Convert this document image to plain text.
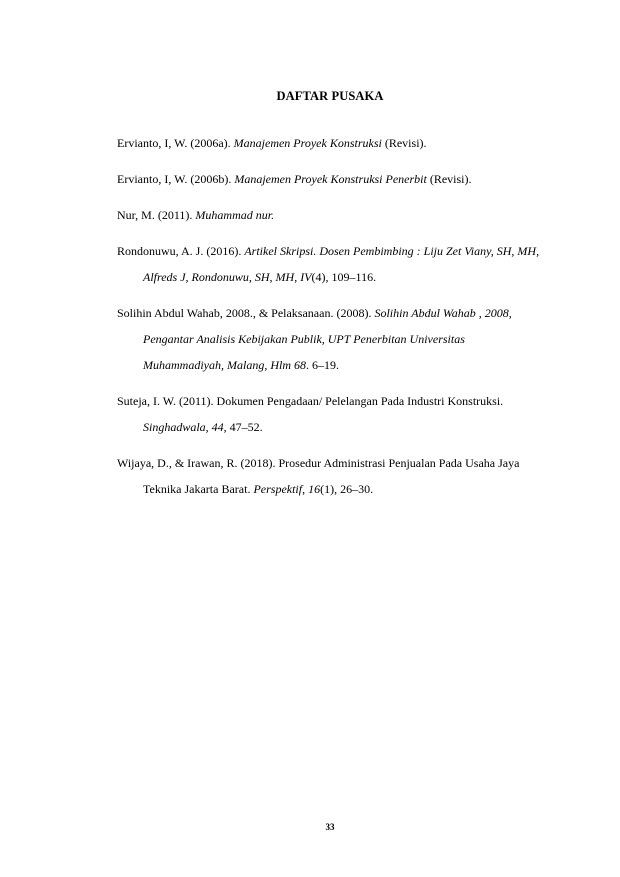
DAFTAR PUSAKA
Ervianto, I, W. (2006a). Manajemen Proyek Konstruksi (Revisi).
Ervianto, I, W. (2006b). Manajemen Proyek Konstruksi Penerbit (Revisi).
Nur, M. (2011). Muhammad nur.
Rondonuwu, A. J. (2016). Artikel Skripsi. Dosen Pembimbing : Liju Zet Viany, SH, MH, Alfreds J, Rondonuwu, SH, MH, IV(4), 109–116.
Solihin Abdul Wahab, 2008., & Pelaksanaan. (2008). Solihin Abdul Wahab , 2008, Pengantar Analisis Kebijakan Publik, UPT Penerbitan Universitas Muhammadiyah, Malang, Hlm 68. 6–19.
Suteja, I. W. (2011). Dokumen Pengadaan/ Pelelangan Pada Industri Konstruksi. Singhadwala, 44, 47–52.
Wijaya, D., & Irawan, R. (2018). Prosedur Administrasi Penjualan Pada Usaha Jaya Teknika Jakarta Barat. Perspektif, 16(1), 26–30.
33
